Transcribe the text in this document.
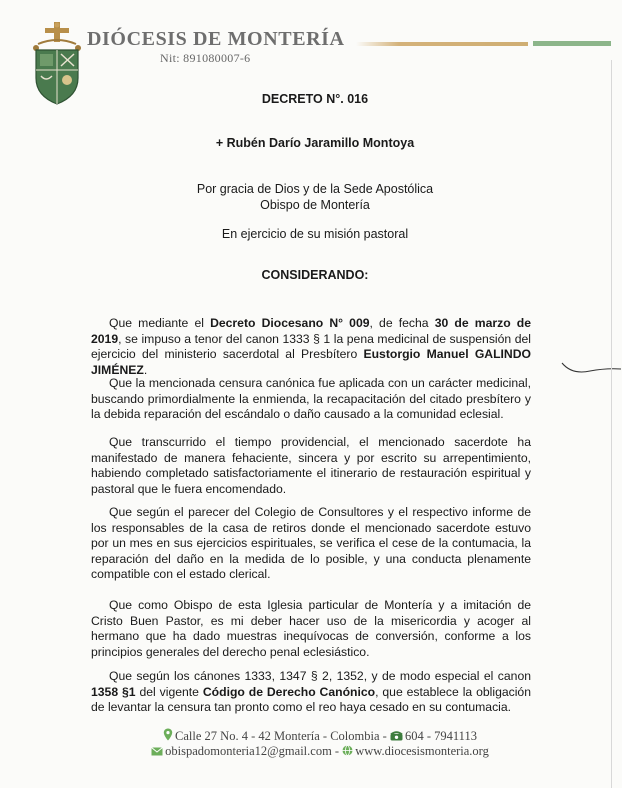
DIÓCESIS DE MONTERÍA
Nit: 891080007-6
DECRETO N°. 016
+ Rubén Darío Jaramillo Montoya
Por gracia de Dios y de la Sede Apostólica
Obispo de Montería
En ejercicio de su misión pastoral
CONSIDERANDO:

Que mediante el Decreto Diocesano N° 009, de fecha 30 de marzo de 2019, se impuso a tenor del canon 1333 § 1 la pena medicinal de suspensión del ejercicio del ministerio sacerdotal al Presbítero Eustorgio Manuel GALINDO JIMÉNEZ.

Que la mencionada censura canónica fue aplicada con un carácter medicinal, buscando primordialmente la enmienda, la recapacitación del citado presbítero y la debida reparación del escándalo o daño causado a la comunidad eclesial.

Que transcurrido el tiempo providencial, el mencionado sacerdote ha manifestado de manera fehaciente, sincera y por escrito su arrepentimiento, habiendo completado satisfactoriamente el itinerario de restauración espiritual y pastoral que le fuera encomendado.

Que según el parecer del Colegio de Consultores y el respectivo informe de los responsables de la casa de retiros donde el mencionado sacerdote estuvo por un mes en sus ejercicios espirituales, se verifica el cese de la contumacia, la reparación del daño en la medida de lo posible, y una conducta plenamente compatible con el estado clerical.

Que como Obispo de esta Iglesia particular de Montería y a imitación de Cristo Buen Pastor, es mi deber hacer uso de la misericordia y acoger al hermano que ha dado muestras inequívocas de conversión, conforme a los principios generales del derecho penal eclesiástico.

Que según los cánones 1333, 1347 § 2, 1352, y de modo especial el canon 1358 §1 del vigente Código de Derecho Canónico, que establece la obligación de levantar la censura tan pronto como el reo haya cesado en su contumacia.

Calle 27 No. 4 - 42 Montería - Colombia - 604 - 7941113
obispadomonteria12@gmail.com - www.diocesismonteria.org
